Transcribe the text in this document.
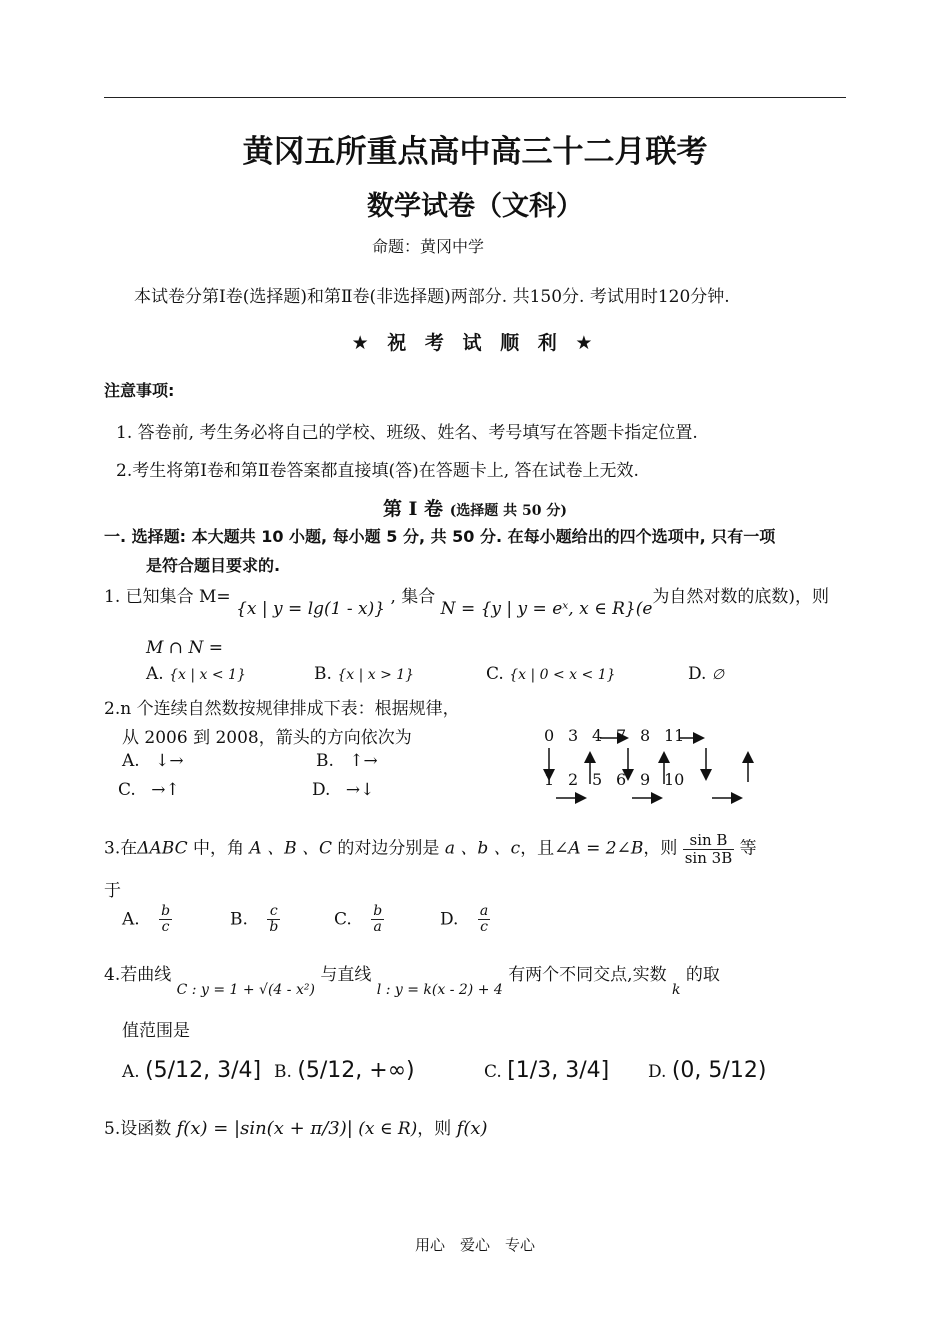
黄冈五所重点高中高三十二月联考
数学试卷（文科）
命题：黄冈中学
本试卷分第Ⅰ卷(选择题)和第Ⅱ卷(非选择题)两部分. 共150分. 考试用时120分钟.
★ 祝 考 试 顺 利 ★
注意事项:
1. 答卷前, 考生务必将自己的学校、班级、姓名、考号填写在答题卡指定位置.
2.考生将第Ⅰ卷和第Ⅱ卷答案都直接填(答)在答题卡上, 答在试卷上无效.
第 Ⅰ 卷 (选择题 共 50 分)
一. 选择题: 本大题共 10 小题, 每小题 5 分, 共 50 分. 在每小题给出的四个选项中, 只有一项
是符合题目要求的.
1. 已知集合 M= {x | y = lg(1 - x)} , 集合 N = {y | y = eˣ, x ∈ R}(e为自然对数的底数)，则
M ∩ N =
A. {x | x < 1}	B. {x | x > 1}	C. {x | 0 < x < 1}	D. ∅
2.n 个连续自然数按规律排成下表：根据规律，
从 2006 到 2008，箭头的方向依次为
A. ↓→	B. ↑→
C. →↑	D. →↓
0 3 4 7 8 11
1 2 5 6 9 10
3.在ΔABC 中，角 A 、B 、C 的对边分别是 a 、b 、c，且∠A = 2∠B，则 $\frac{\text{sin B}}{\sin 3B}$ 等
于
A. $\frac{b}{c}$	B. $\frac{c}{b}$	C. $\frac{b}{a}$	D. $\frac{a}{c}$
4.若曲线 $_{C : y = 1 + √(4 - x^2)}$ 与直线 $_{l : y = k(x - 2) + 4}$ 有两个不同交点,实数 $_k$ 的取
值范围是
A. (5/12, 3/4] B. (5/12, +∞)	C. [1/3, 3/4] D. (0, 5/12)
5.设函数 f(x) = |sin(x + π/3)| (x ∈ R)，则 f(x)
用心　爱心　专心
